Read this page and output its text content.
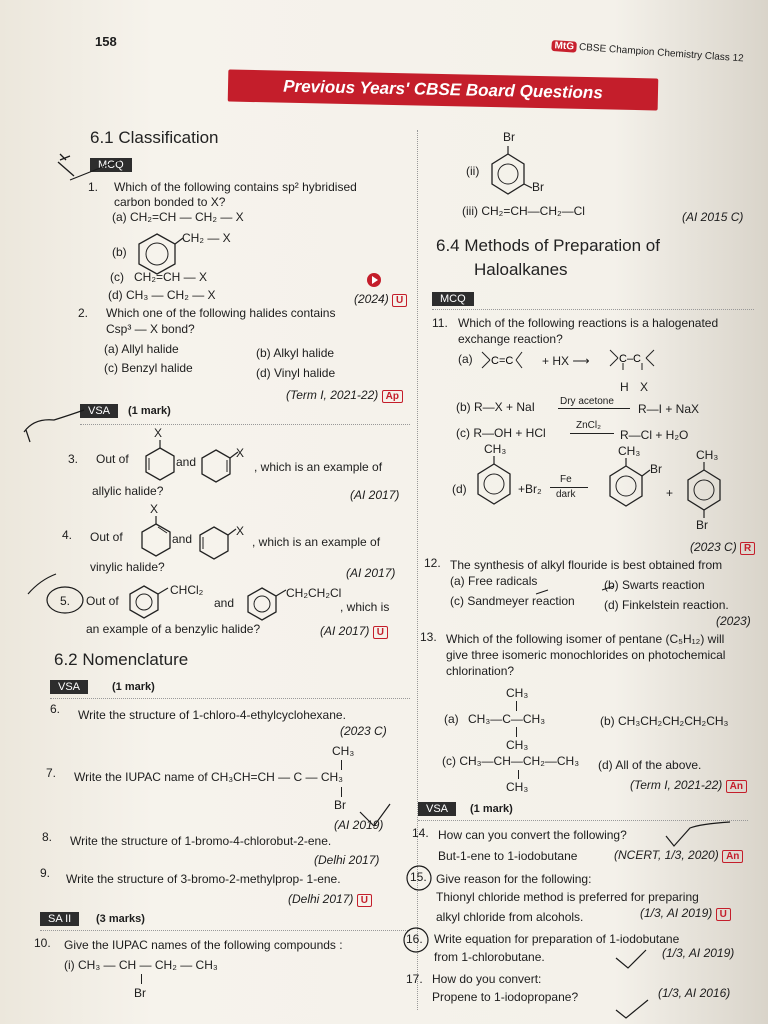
158	MtG CBSE Champion Chemistry Class 12
Previous Years' CBSE Board Questions
6.1 Classification
MCQ
1. Which of the following contains sp² hybridised
carbon bonded to X?
(a) CH₂=CH — CH₂ — X
(b)
CH₂ — X
(c) CH₂=CH — X
(d) CH₃ — CH₂ — X	(2024) U
2. Which one of the following halides contains
Csp³ — X bond?
(a) Allyl halide	(b) Alkyl halide
(c) Benzyl halide	(d) Vinyl halide
(Term I, 2021-22) Ap
VSA	(1 mark)
3. Out of
X
and
X
, which is an example of
allylic halide?	(AI 2017)
4. Out of
X
and
X
, which is an example of
vinylic halide?	(AI 2017)
5. Out of
CHCl₂
and
CH₂CH₂Cl
, which is
an example of a benzylic halide?	(AI 2017) U
6.2 Nomenclature
VSA	(1 mark)
6. Write the structure of 1-chloro-4-ethylcyclohexane.
(2023 C)
CH₃
7. Write the IUPAC name of CH₃CH=CH — C — CH₃
Br
(AI 2019)
8. Write the structure of 1-bromo-4-chlorobut-2-ene.
(Delhi 2017)
9. Write the structure of 3-bromo-2-methylprop- 1-ene.
(Delhi 2017) U
SA II	(3 marks)
10. Give the IUPAC names of the following compounds :
(i) CH₃ — CH — CH₂ — CH₃
Br
Br
(ii)
Br
(iii) CH₂=CH—CH₂—Cl	(AI 2015 C)
6.4 Methods of Preparation of
Haloalkanes
MCQ
11. Which of the following reactions is a halogenated
exchange reaction?
(a) C=C + HX ⟶	C–C
H X
(b) R—X + NaI Dry acetone
R—I + NaX
(c) R—OH + HCl
ZnCl₂
R—Cl + H₂O
CH₃
(d)	+Br₂
Fe
dark
CH₃
Br
+
CH₃
Br
(2023 C) R
12. The synthesis of alkyl flouride is best obtained from
(a) Free radicals	(b) Swarts reaction
(c) Sandmeyer reaction (d) Finkelstein reaction.
(2023)
13. Which of the following isomer of pentane (C₅H₁₂) will
give three isomeric monochlorides on photochemical
chlorination?
CH₃
(a) CH₃—C—CH₃
CH₃
(b) CH₃CH₂CH₂CH₂CH₃
(c) CH₃—CH—CH₂—CH₃
CH₃
(d) All of the above.
(Term I, 2021-22) An
VSA	(1 mark)
14. How can you convert the following?
But-1-ene to 1-iodobutane	(NCERT, 1/3, 2020) An
15. Give reason for the following:
Thionyl chloride method is preferred for preparing
alkyl chloride from alcohols.	(1/3, AI 2019) U
16. Write equation for preparation of 1-iodobutane
from 1-chlorobutane.	(1/3, AI 2019)
17. How do you convert:
Propene to 1-iodopropane?	(1/3, AI 2016)
